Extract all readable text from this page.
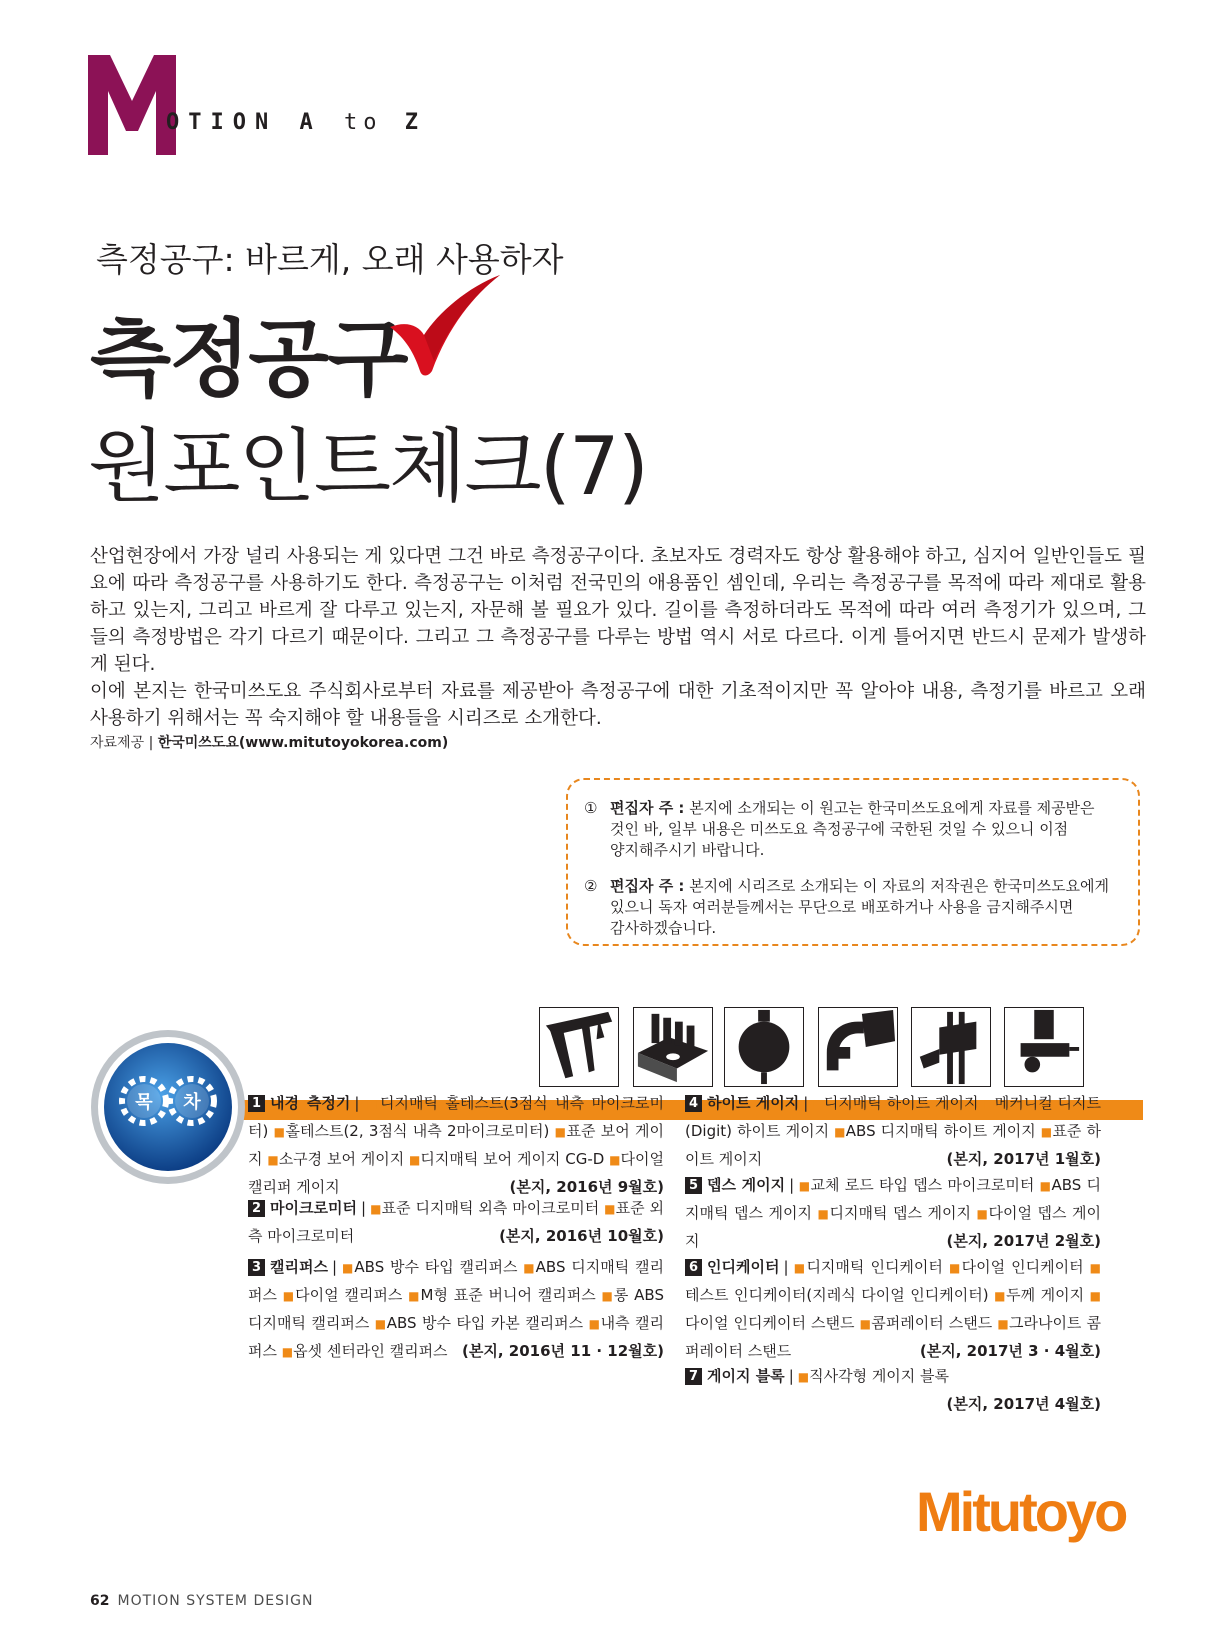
OTION A to Z
측정공구: 바르게, 오래 사용하자
측정공구
원포인트체크(7)

산업현장에서 가장 널리 사용되는 게 있다면 그건 바로 측정공구이다. 초보자도 경력자도 항상 활용해야 하고, 심지어 일반인들도 필요에 따라 측정공구를 사용하기도 한다. 측정공구는 이처럼 전국민의 애용품인 셈인데, 우리는 측정공구를 목적에 따라 제대로 활용하고 있는지, 그리고 바르게 잘 다루고 있는지, 자문해 볼 필요가 있다. 길이를 측정하더라도 목적에 따라 여러 측정기가 있으며, 그들의 측정방법은 각기 다르기 때문이다. 그리고 그 측정공구를 다루는 방법 역시 서로 다르다. 이게 틀어지면 반드시 문제가 발생하게 된다.

이에 본지는 한국미쓰도요 주식회사로부터 자료를 제공받아 측정공구에 대한 기초적이지만 꼭 알아야 내용, 측정기를 바르고 오래 사용하기 위해서는 꼭 숙지해야 할 내용들을 시리즈로 소개한다.

자료제공 | 한국미쓰도요(www.mitutoyokorea.com)
① 편집자 주 : 본지에 소개되는 이 원고는 한국미쓰도요에게 자료를 제공받은
것인 바, 일부 내용은 미쓰도요 측정공구에 국한된 것일 수 있으니 이점
양지해주시기 바랍니다.
② 편집자 주 : 본지에 시리즈로 소개되는 이 자료의 저작권은 한국미쓰도요에게
있으니 독자 여러분들께서는 무단으로 배포하거나 사용을 금지해주시면
감사하겠습니다.
목 차	1 내경 측정기 | ■디지매틱 홀테스트(3점식 내측 마이크로미터) ■홀테스트(2, 3점식 내측 2마이크로미터) ■표준 보어 게이지 ■소구경 보어 게이지 ■디지매틱 보어 게이지 CG-D ■다이얼 캘리퍼 게이지	(본지, 2016년 9월호)
2 마이크로미터 | ■표준 디지매틱 외측 마이크로미터 ■표준 외측 마이크로미터	(본지, 2016년 10월호)
3 캘리퍼스 | ■ABS 방수 타입 캘리퍼스 ■ABS 디지매틱 캘리퍼스 ■다이얼 캘리퍼스 ■M형 표준 버니어 캘리퍼스 ■롱 ABS 디지매틱 캘리퍼스 ■ABS 방수 타입 카본 캘리퍼스 ■내측 캘리퍼스 ■옵셋 센터라인 캘리퍼스 (본지, 2016년 11 · 12월호)
4 하이트 게이지 | ■디지매틱 하이트 게이지 ■메커니컬 디지트(Digit) 하이트 게이지 ■ABS 디지매틱 하이트 게이지 ■표준 하이트 게이지	(본지, 2017년 1월호)
5 뎁스 게이지 | ■교체 로드 타입 뎁스 마이크로미터 ■ABS 디지매틱 뎁스 게이지 ■디지매틱 뎁스 게이지 ■다이얼 뎁스 게이지	(본지, 2017년 2월호)
6 인디케이터 | ■디지매틱 인디케이터 ■다이얼 인디케이터 ■테스트 인디케이터(지레식 다이얼 인디케이터) ■두께 게이지 ■다이얼 인디케이터 스탠드 ■콤퍼레이터 스탠드 ■그라나이트 콤퍼레이터 스탠드	(본지, 2017년 3 · 4월호)
7 게이지 블록 | ■직사각형 게이지 블록
(본지, 2017년 4월호)
Mitutoyo
62 MOTION SYSTEM DESIGN
